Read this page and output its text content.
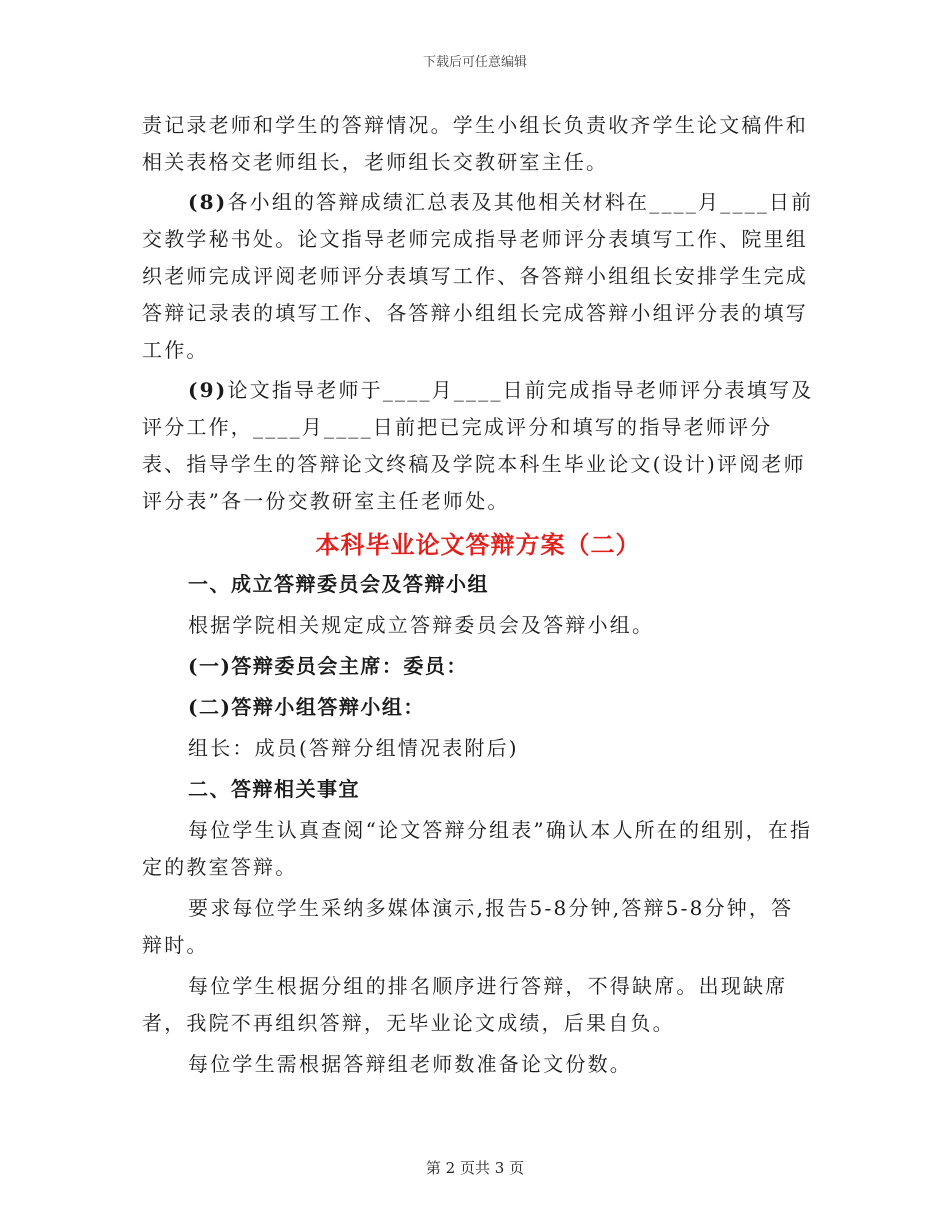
下载后可任意编辑

责记录老师和学生的答辩情况。学生小组长负责收齐学生论文稿件和相关表格交老师组长，老师组长交教研室主任。

(8)各小组的答辩成绩汇总表及其他相关材料在____月____日前交教学秘书处。论文指导老师完成指导老师评分表填写工作、院里组织老师完成评阅老师评分表填写工作、各答辩小组组长安排学生完成答辩记录表的填写工作、各答辩小组组长完成答辩小组评分表的填写工作。

(9)论文指导老师于____月____日前完成指导老师评分表填写及评分工作，____月____日前把已完成评分和填写的指导老师评分表、指导学生的答辩论文终稿及学院本科生毕业论文(设计)评阅老师评分表”各一份交教研室主任老师处。

本科毕业论文答辩方案（二）

一、成立答辩委员会及答辩小组

根据学院相关规定成立答辩委员会及答辩小组。

(一)答辩委员会主席：委员：

(二)答辩小组答辩小组：

组长：成员(答辩分组情况表附后)

二、答辩相关事宜

每位学生认真查阅“论文答辩分组表”确认本人所在的组别，在指定的教室答辩。

要求每位学生采纳多媒体演示,报告5-8分钟,答辩5-8分钟，答辩时。

每位学生根据分组的排名顺序进行答辩，不得缺席。出现缺席者，我院不再组织答辩，无毕业论文成绩，后果自负。

每位学生需根据答辩组老师数准备论文份数。

第 2 页共 3 页
